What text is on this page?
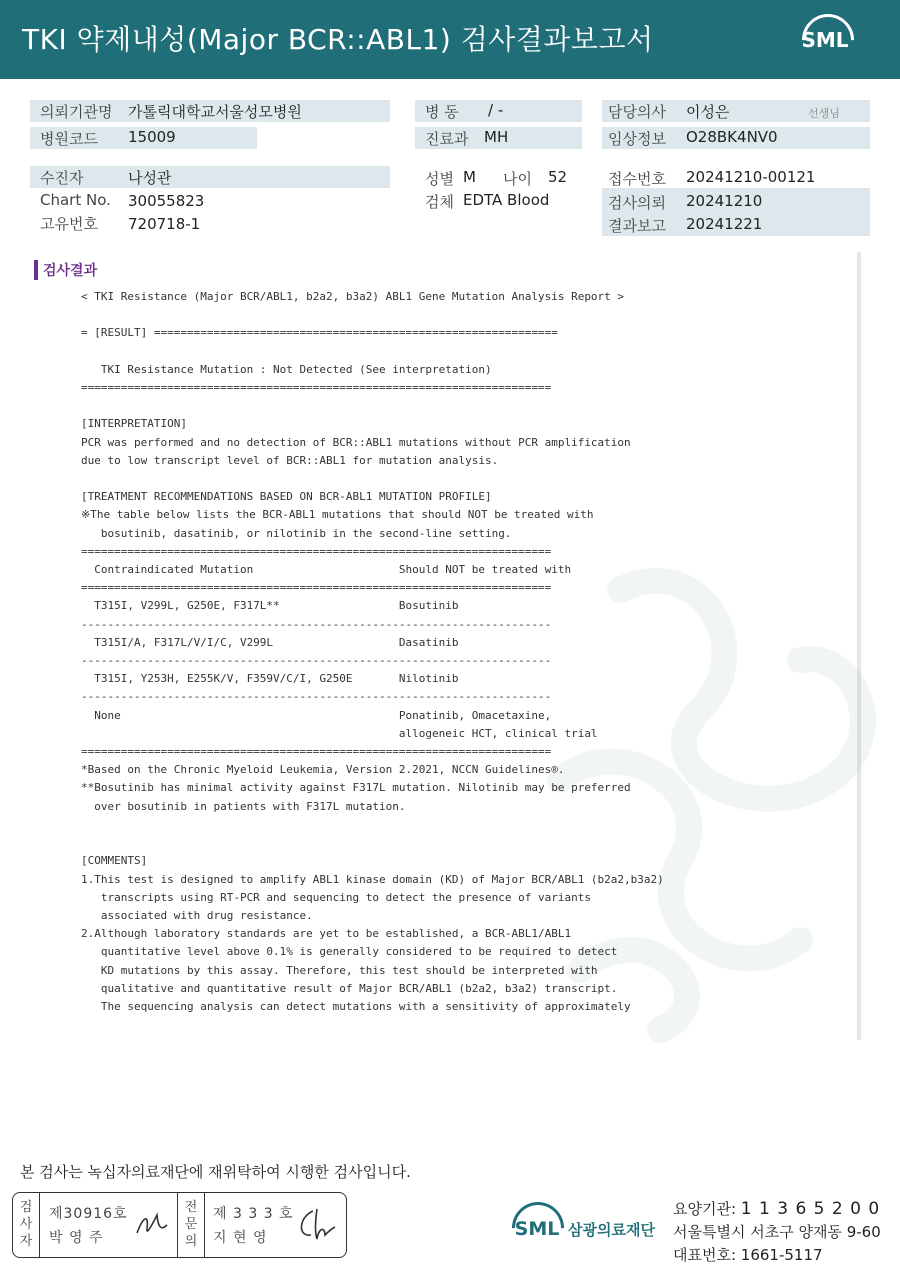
TKI 약제내성(Major BCR::ABL1) 검사결과보고서	SML
의뢰기관명 가톨릭대학교서울성모병원	병 동 / -	담당의사 이성은	선생님
병원코드 15009	진료과 MH	임상정보 O28BK4NV0
수진자	나성관
Chart No. 30055823
고유번호 720718-1
성별 M 나이 52
검체 EDTA Blood
접수번호 20241210-00121
검사의뢰 20241210
결과보고 20241221
검사결과
< TKI Resistance (Major BCR/ABL1, b2a2, b3a2) ABL1 Gene Mutation Analysis Report >

= [RESULT] =============================================================

TKI Resistance Mutation : Not Detected (See interpretation)
=======================================================================

[INTERPRETATION]
PCR was performed and no detection of BCR::ABL1 mutations without PCR amplification
due to low transcript level of BCR::ABL1 for mutation analysis.

[TREATMENT RECOMMENDATIONS BASED ON BCR-ABL1 MUTATION PROFILE]
※The table below lists the BCR-ABL1 mutations that should NOT be treated with
bosutinib, dasatinib, or nilotinib in the second-line setting.
=======================================================================
Contraindicated Mutation                      Should NOT be treated with
=======================================================================
T315I, V299L, G250E, F317L**                  Bosutinib
-----------------------------------------------------------------------
T315I/A, F317L/V/I/C, V299L                   Dasatinib
-----------------------------------------------------------------------
T315I, Y253H, E255K/V, F359V/C/I, G250E       Nilotinib
-----------------------------------------------------------------------
None                                          Ponatinib, Omacetaxine,
allogeneic HCT, clinical trial
=======================================================================
*Based on the Chronic Myeloid Leukemia, Version 2.2021, NCCN Guidelines®.
**Bosutinib has minimal activity against F317L mutation. Nilotinib may be preferred
over bosutinib in patients with F317L mutation.

[COMMENTS]
1.This test is designed to amplify ABL1 kinase domain (KD) of Major BCR/ABL1 (b2a2,b3a2)
transcripts using RT-PCR and sequencing to detect the presence of variants
associated with drug resistance.
2.Although laboratory standards are yet to be established, a BCR-ABL1/ABL1
quantitative level above 0.1% is generally considered to be required to detect
KD mutations by this assay. Therefore, this test should be interpreted with
qualitative and quantitative result of Major BCR/ABL1 (b2a2, b3a2) transcript.
The sequencing analysis can detect mutations with a sensitivity of approximately
본 검사는 녹십자의료재단에 재위탁하여 시행한 검사입니다.
검사자
제30916호
박 영 주
전문의
제 3 3 3 호
지 현 영	SML 삼광의료재단
요양기관: 1 1 3 6 5 2 0 0
서울특별시 서초구 양재동 9-60
대표번호: 1661-5117
